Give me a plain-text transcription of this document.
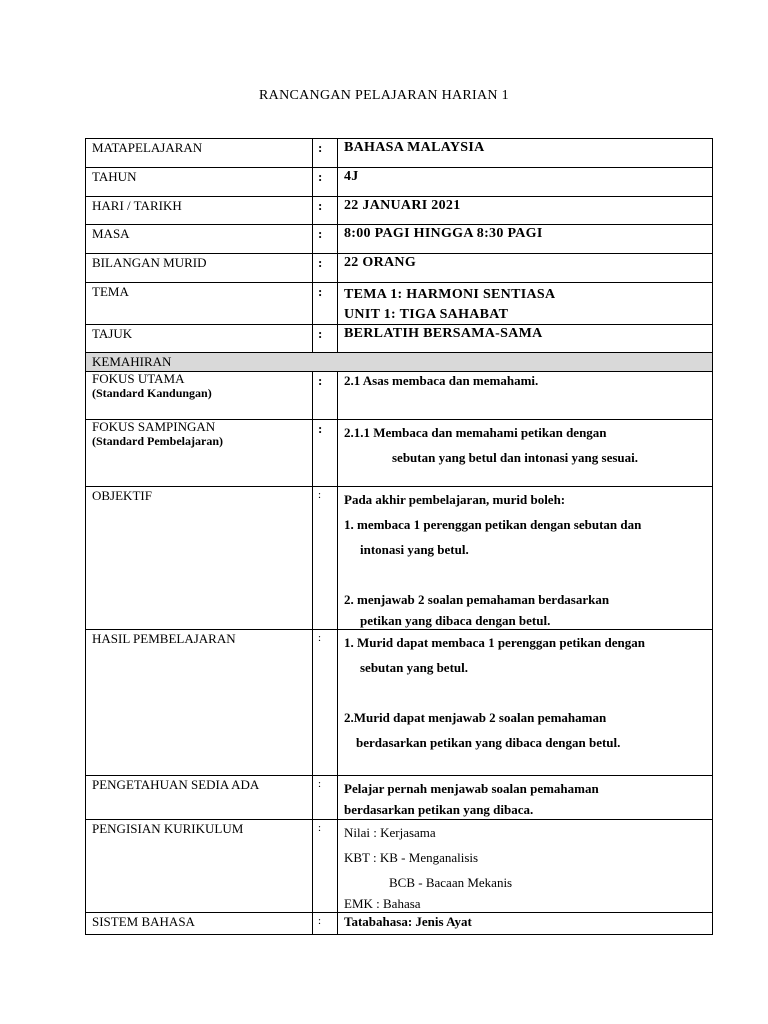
RANCANGAN PELAJARAN HARIAN 1
MATAPELAJARAN	:	BAHASA MALAYSIA
TAHUN	:	4J
HARI / TARIKH	:	22 JANUARI 2021
MASA	:	8:00 PAGI HINGGA 8:30 PAGI
BILANGAN MURID	:	22 ORANG
TEMA	:	TEMA 1: HARMONI SENTIASA
UNIT 1: TIGA SAHABAT

TAJUK	:	BERLATIH BERSAMA-SAMA
KEMAHIRAN		

FOKUS UTAMA
(Standard Kandungan)	:	2.1 Asas membaca dan memahami.

FOKUS SAMPINGAN
(Standard Pembelajaran)	:	2.1.1 Membaca dan memahami petikan dengan
sebutan yang betul dan intonasi yang sesuai.

OBJEKTIF	:	Pada akhir pembelajaran, murid boleh:
1. membaca 1 perenggan petikan dengan sebutan dan
intonasi yang betul.
2. menjawab 2 soalan pemahaman berdasarkan
petikan yang dibaca dengan betul.

HASIL PEMBELAJARAN	:	1. Murid dapat membaca 1 perenggan petikan dengan
sebutan yang betul.
2.Murid dapat menjawab 2 soalan pemahaman
berdasarkan petikan yang dibaca dengan betul.

PENGETAHUAN SEDIA ADA	:	Pelajar pernah menjawab soalan pemahaman
berdasarkan petikan yang dibaca.

PENGISIAN KURIKULUM	:	Nilai : Kerjasama
KBT : KB - Menganalisis
BCB - Bacaan Mekanis
EMK : Bahasa

SISTEM BAHASA	:	Tatabahasa: Jenis Ayat
